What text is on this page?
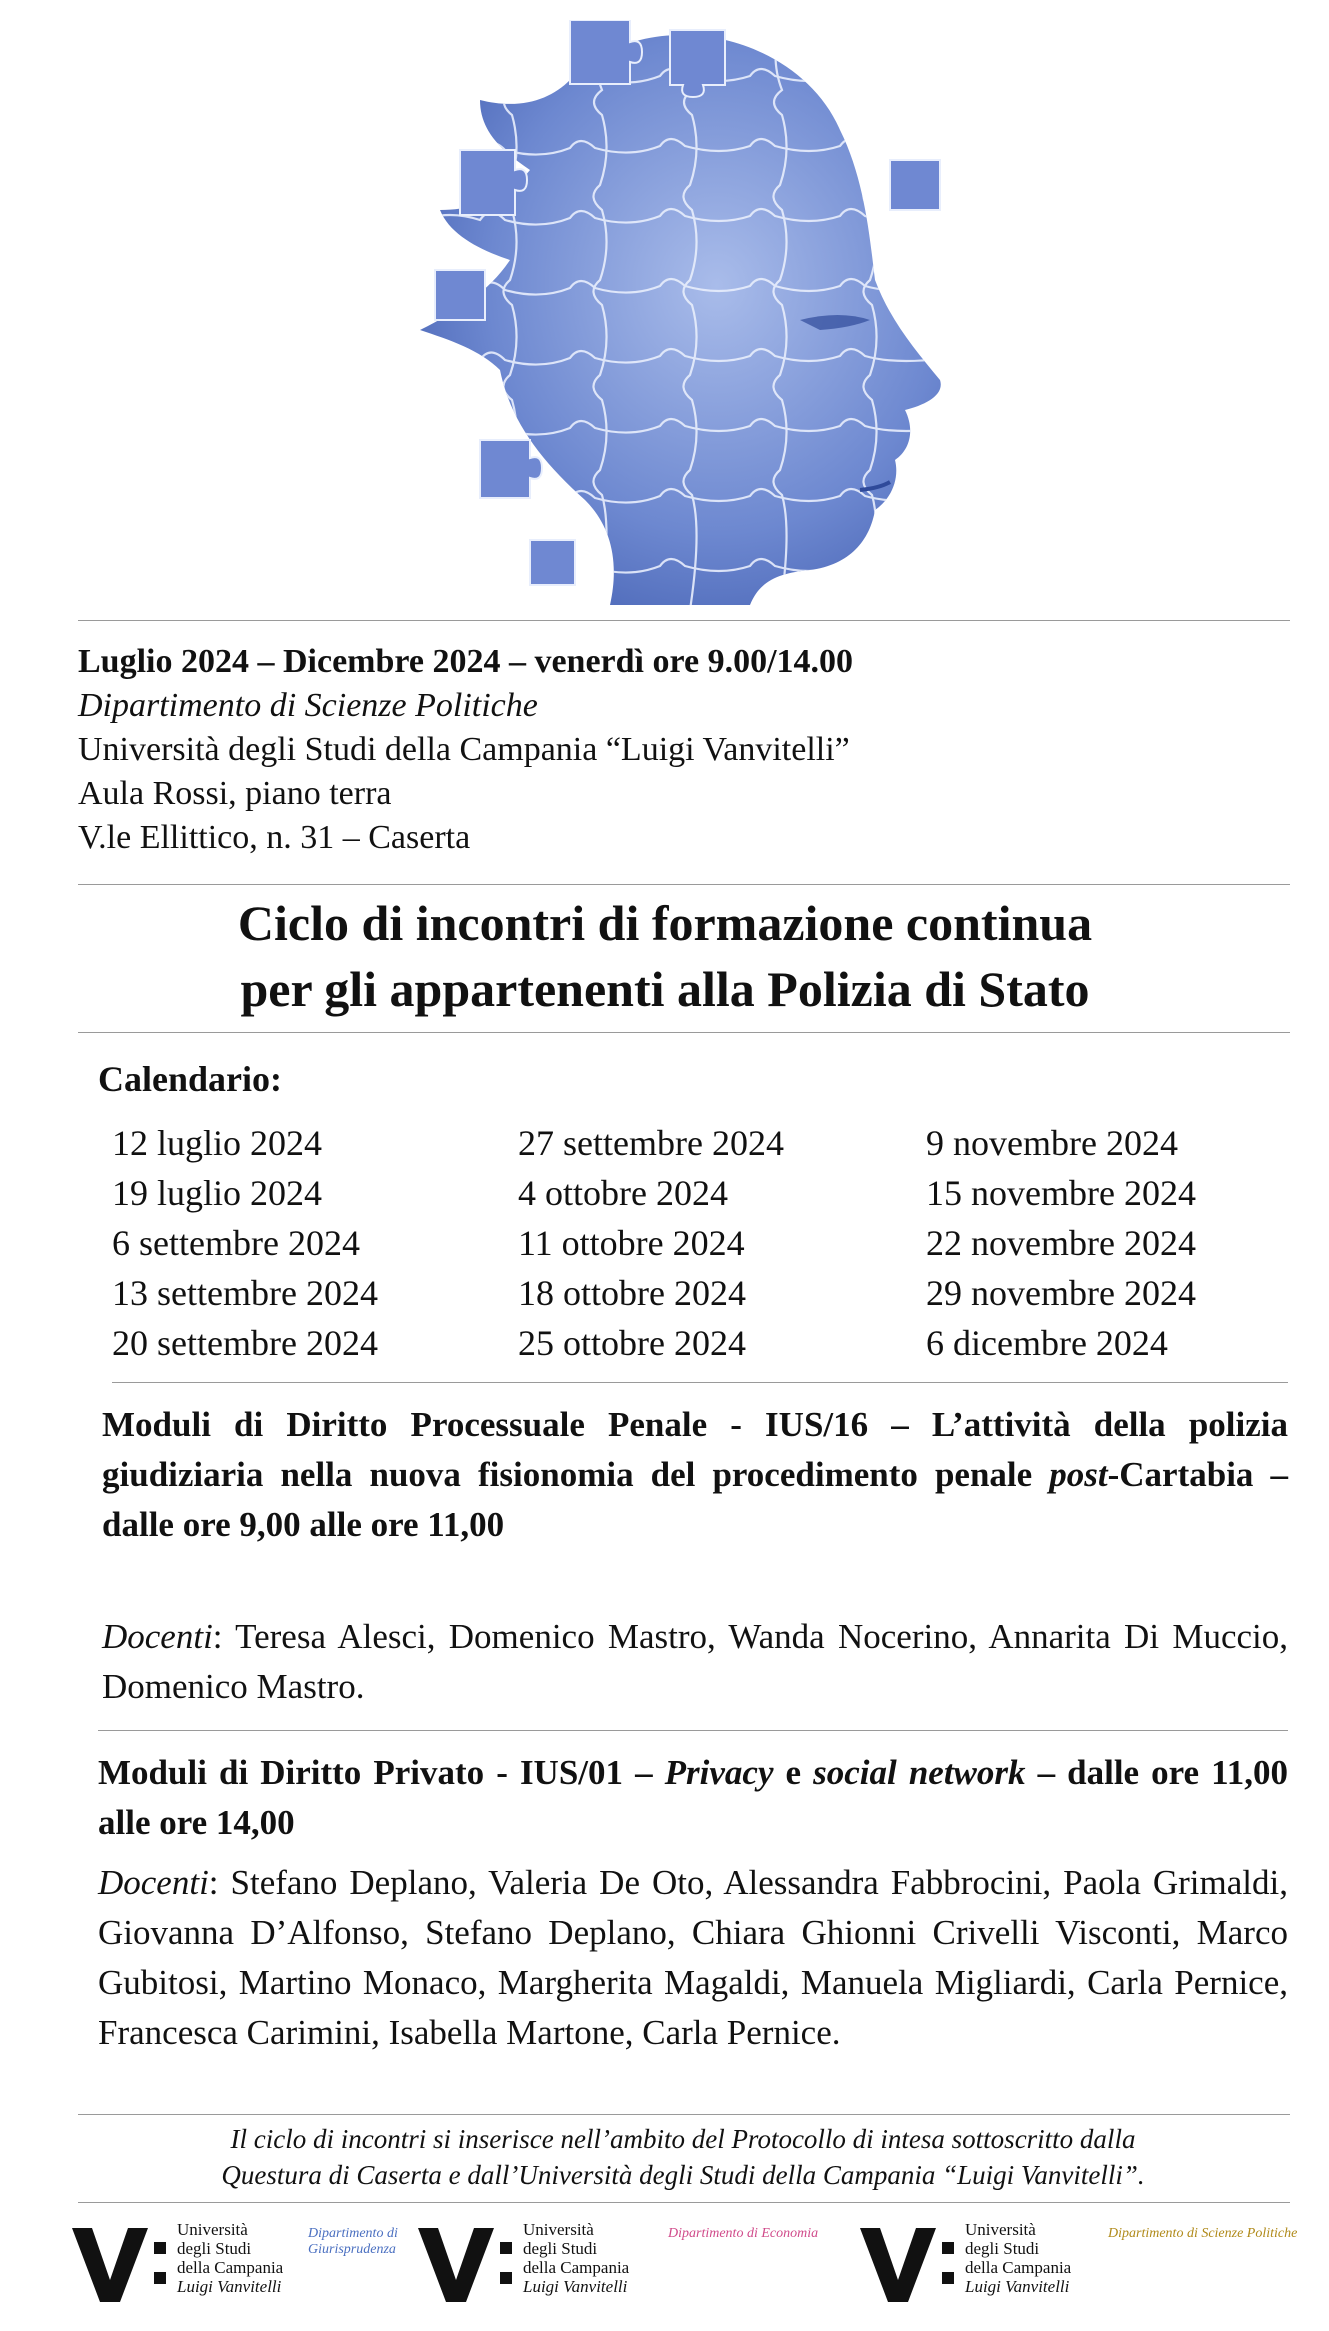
Luglio 2024 – Dicembre 2024 – venerdì ore 9.00/14.00
Dipartimento di Scienze Politiche
Università degli Studi della Campania “Luigi Vanvitelli”
Aula Rossi, piano terra
V.le Ellittico, n. 31 – Caserta
Ciclo di incontri di formazione continua
per gli appartenenti alla Polizia di Stato
Calendario:
12 luglio 2024
19 luglio 2024
6 settembre 2024
13 settembre 2024
20 settembre 2024
27 settembre 2024
4 ottobre 2024
11 ottobre 2024
18 ottobre 2024
25 ottobre 2024
9 novembre 2024
15 novembre 2024
22 novembre 2024
29 novembre 2024
6 dicembre 2024
Moduli di Diritto Processuale Penale - IUS/16 – L’attività della polizia giudiziaria nella nuova fisionomia del procedimento penale post-Cartabia – dalle ore 9,00 alle ore 11,00
Docenti: Teresa Alesci, Domenico Mastro, Wanda Nocerino, Annarita Di Muccio, Domenico Mastro.
Moduli di Diritto Privato - IUS/01 – Privacy e social network – dalle ore 11,00 alle ore 14,00
Docenti: Stefano Deplano, Valeria De Oto, Alessandra Fabbrocini, Paola Grimaldi, Giovanna D’Alfonso, Stefano Deplano, Chiara Ghionni Crivelli Visconti, Marco Gubitosi, Martino Monaco, Margherita Magaldi, Manuela Migliardi, Carla Pernice, Francesca Carimini, Isabella Martone, Carla Pernice.
Il ciclo di incontri si inserisce nell’ambito del Protocollo di intesa sottoscritto dalla
Questura di Caserta e dall’Università degli Studi della Campania “Luigi Vanvitelli”.
Università
degli Studi
della Campania
Luigi Vanvitelli
Dipartimento di
Giurisprudenza
Università
degli Studi
della Campania
Luigi Vanvitelli
Dipartimento di Economia	Università
degli Studi
della Campania
Luigi Vanvitelli
Dipartimento di Scienze Politiche
